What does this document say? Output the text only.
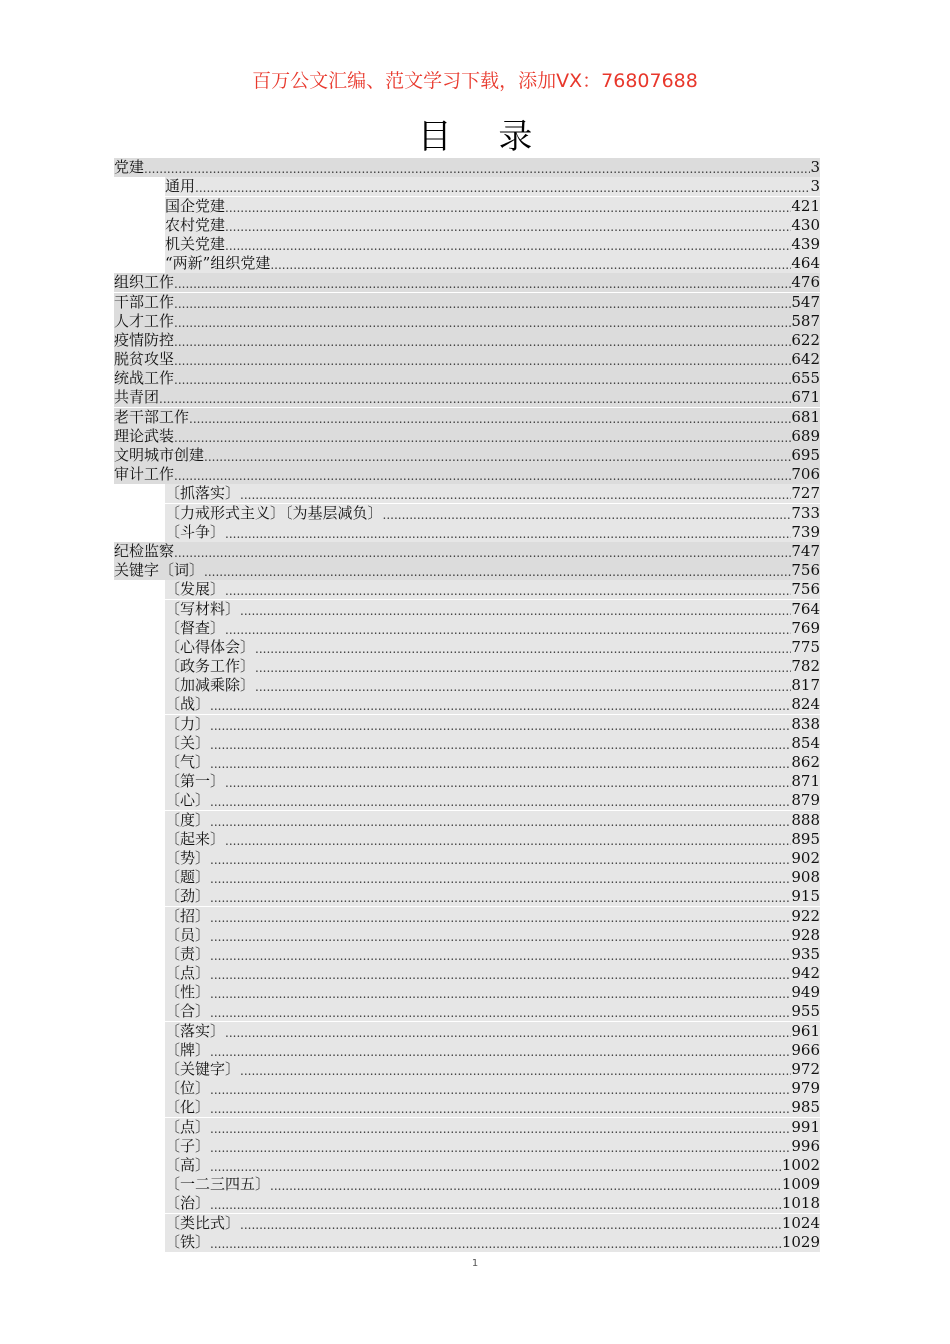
百万公文汇编、范文学习下载，添加VX：76807688
目 录
党建 .....	3
通用 .....	3
国企党建 .....	421
农村党建 .....	430
机关党建 .....	439
“两新”组织党建 .....	464
组织工作 .....	476
干部工作 .....	547
人才工作 .....	587
疫情防控 .....	622
脱贫攻坚 .....	642
统战工作 .....	655
共青团 .....	671
老干部工作 .....	681
理论武装 .....	689
文明城市创建 .....	695
审计工作 .....	706
〔抓落实〕 .....	727
〔力戒形式主义〕〔为基层减负〕 .....	733
〔斗争〕 .....	739
纪检监察 .....	747
关键字〔词〕 .....	756
〔发展〕 .....	756
〔写材料〕 .....	764
〔督查〕 .....	769
〔心得体会〕 .....	775
〔政务工作〕 .....	782
〔加减乘除〕 .....	817
〔战〕 .....	824
〔力〕 .....	838
〔关〕 .....	854
〔气〕 .....	862
〔第一〕 .....	871
〔心〕 .....	879
〔度〕 .....	888
〔起来〕 .....	895
〔势〕 .....	902
〔题〕 .....	908
〔劲〕 .....	915
〔招〕 .....	922
〔员〕 .....	928
〔责〕 .....	935
〔点〕 .....	942
〔性〕 .....	949
〔合〕 .....	955
〔落实〕 .....	961
〔牌〕 .....	966
〔关键字〕 .....	972
〔位〕 .....	979
〔化〕 .....	985
〔点〕 .....	991
〔子〕 .....	996
〔高〕 .....	1002
〔一二三四五〕 .....	1009
〔治〕 .....	1018
〔类比式〕 .....	1024
〔铁〕 .....	1029
1
